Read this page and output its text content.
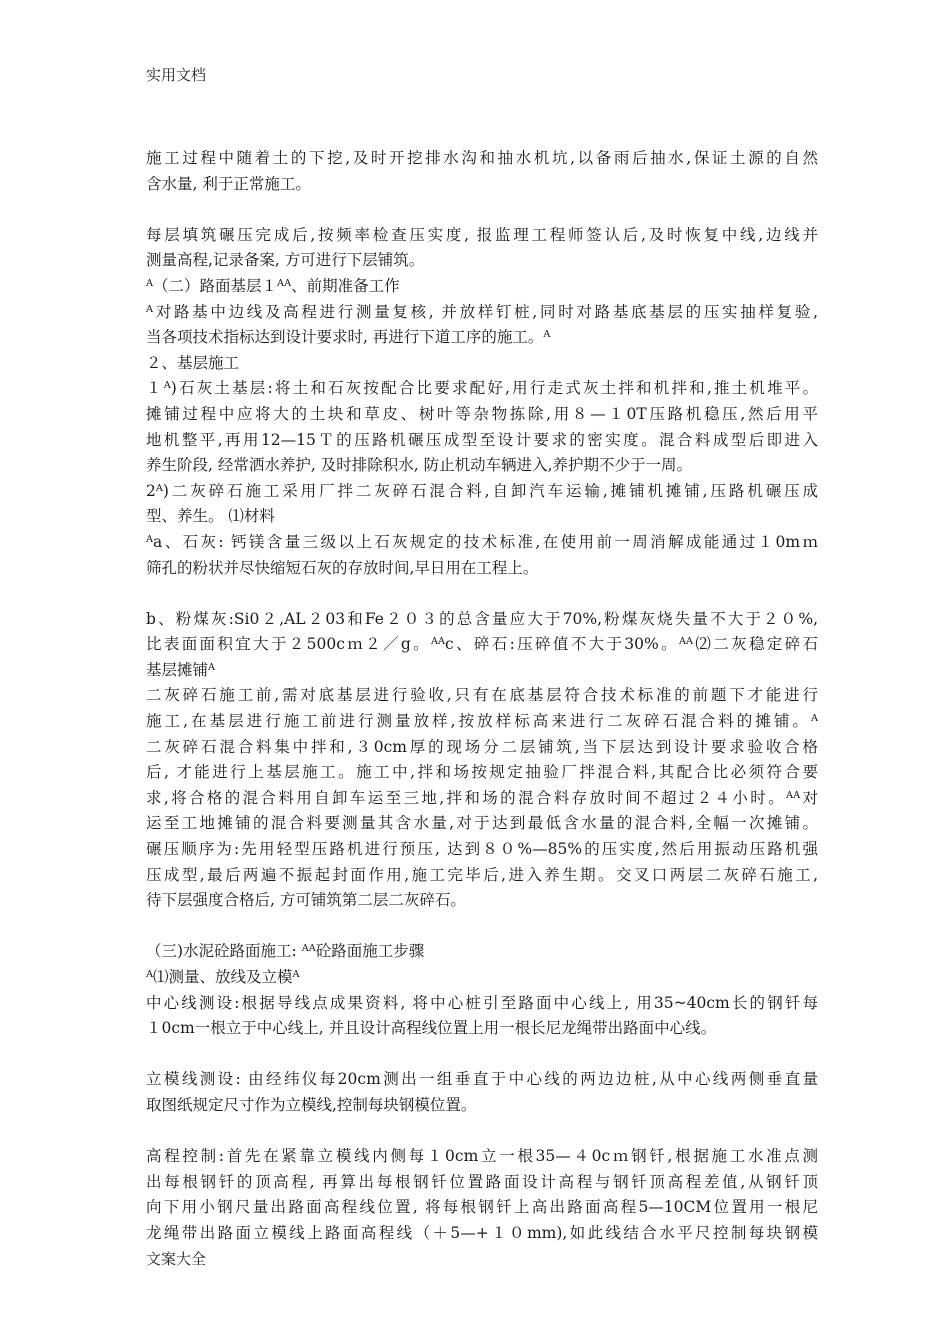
实用文档
施工过程中随着土的下挖,及时开挖排水沟和抽水机坑,以备雨后抽水,保证土源的自然
含水量, 利于正常施工。
每层填筑碾压完成后,按频率检查压实度, 报监理工程师签认后,及时恢复中线,边线并
测量高程,记录备案, 方可进行下层铺筑。
ᴬ（二）路面基层１ᴬᴬ、前期准备工作
ᴬ对路基中边线及高程进行测量复核, 并放样钉桩,同时对路基底基层的压实抽样复验,
当各项技术指标达到设计要求时, 再进行下道工序的施工。ᴬ
２、基层施工
１ᴬ)石灰土基层:将土和石灰按配合比要求配好,用行走式灰土拌和机拌和,推土机堆平。
摊铺过程中应将大的土块和草皮、树叶等杂物拣除,用８—１0T压路机稳压,然后用平
地机整平,再用12—15Ｔ的压路机碾压成型至设计要求的密实度。混合料成型后即进入
养生阶段, 经常洒水养护, 及时排除积水, 防止机动车辆进入,养护期不少于一周。
2ᴬ)二灰碎石施工采用厂拌二灰碎石混合料,自卸汽车运输,摊铺机摊铺,压路机碾压成
型、养生。 ⑴材料
ᴬa、石灰: 钙镁含量三级以上石灰规定的技术标准,在使用前一周消解成能通过１0mｍ
筛孔的粉状并尽快缩短石灰的存放时间,早日用在工程上。
b、粉煤灰:Si0２,AL２03和Fe２０３的总含量应大于70%,粉煤灰烧失量不大于２０%,
比表面面积宜大于２500cｍ２／g。ᴬᴬc、碎石:压碎值不大于30%。ᴬᴬ⑵二灰稳定碎石
基层摊铺ᴬ
二灰碎石施工前,需对底基层进行验收,只有在底基层符合技术标准的前题下才能进行
施工,在基层进行施工前进行测量放样,按放样标高来进行二灰碎石混合料的摊铺。ᴬ
二灰碎石混合料集中拌和,３0cm厚的现场分二层铺筑,当下层达到设计要求验收合格
后, 才能进行上基层施工。施工中,拌和场按规定抽验厂拌混合料,其配合比必须符合要
求,将合格的混合料用自卸车运至三地,拌和场的混合料存放时间不超过２４小时。ᴬᴬ对
运至工地摊铺的混合料要测量其含水量,对于达到最低含水量的混合料,全幅一次摊铺。
碾压顺序为:先用轻型压路机进行预压, 达到８０%—85%的压实度,然后用振动压路机强
压成型,最后两遍不振起封面作用,施工完毕后,进入养生期。交叉口两层二灰碎石施工,
待下层强度合格后, 方可铺筑第二层二灰碎石。
（三)水泥砼路面施工: ᴬᴬ砼路面施工步骤
ᴬ⑴测量、放线及立模ᴬ
中心线测设:根据导线点成果资料, 将中心桩引至路面中心线上, 用35~40cm长的钢钎每
１0cm一根立于中心线上, 并且设计高程线位置上用一根长尼龙绳带出路面中心线。
立模线测设: 由经纬仪每20cm测出一组垂直于中心线的两边边桩,从中心线两侧垂直量
取图纸规定尺寸作为立模线,控制每块钢模位置。
高程控制:首先在紧靠立模线内侧每１0cm立一根35—４0cｍ钢钎,根据施工水准点测
出每根钢钎的顶高程, 再算出每根钢钎位置路面设计高程与钢钎顶高程差值,从钢钎顶
向下用小钢尺量出路面高程线位置, 将每根钢钎上高出路面高程5—10CM位置用一根尼
龙绳带出路面立模线上路面高程线（＋5—+１０mm),如此线结合水平尺控制每块钢模
文案大全
